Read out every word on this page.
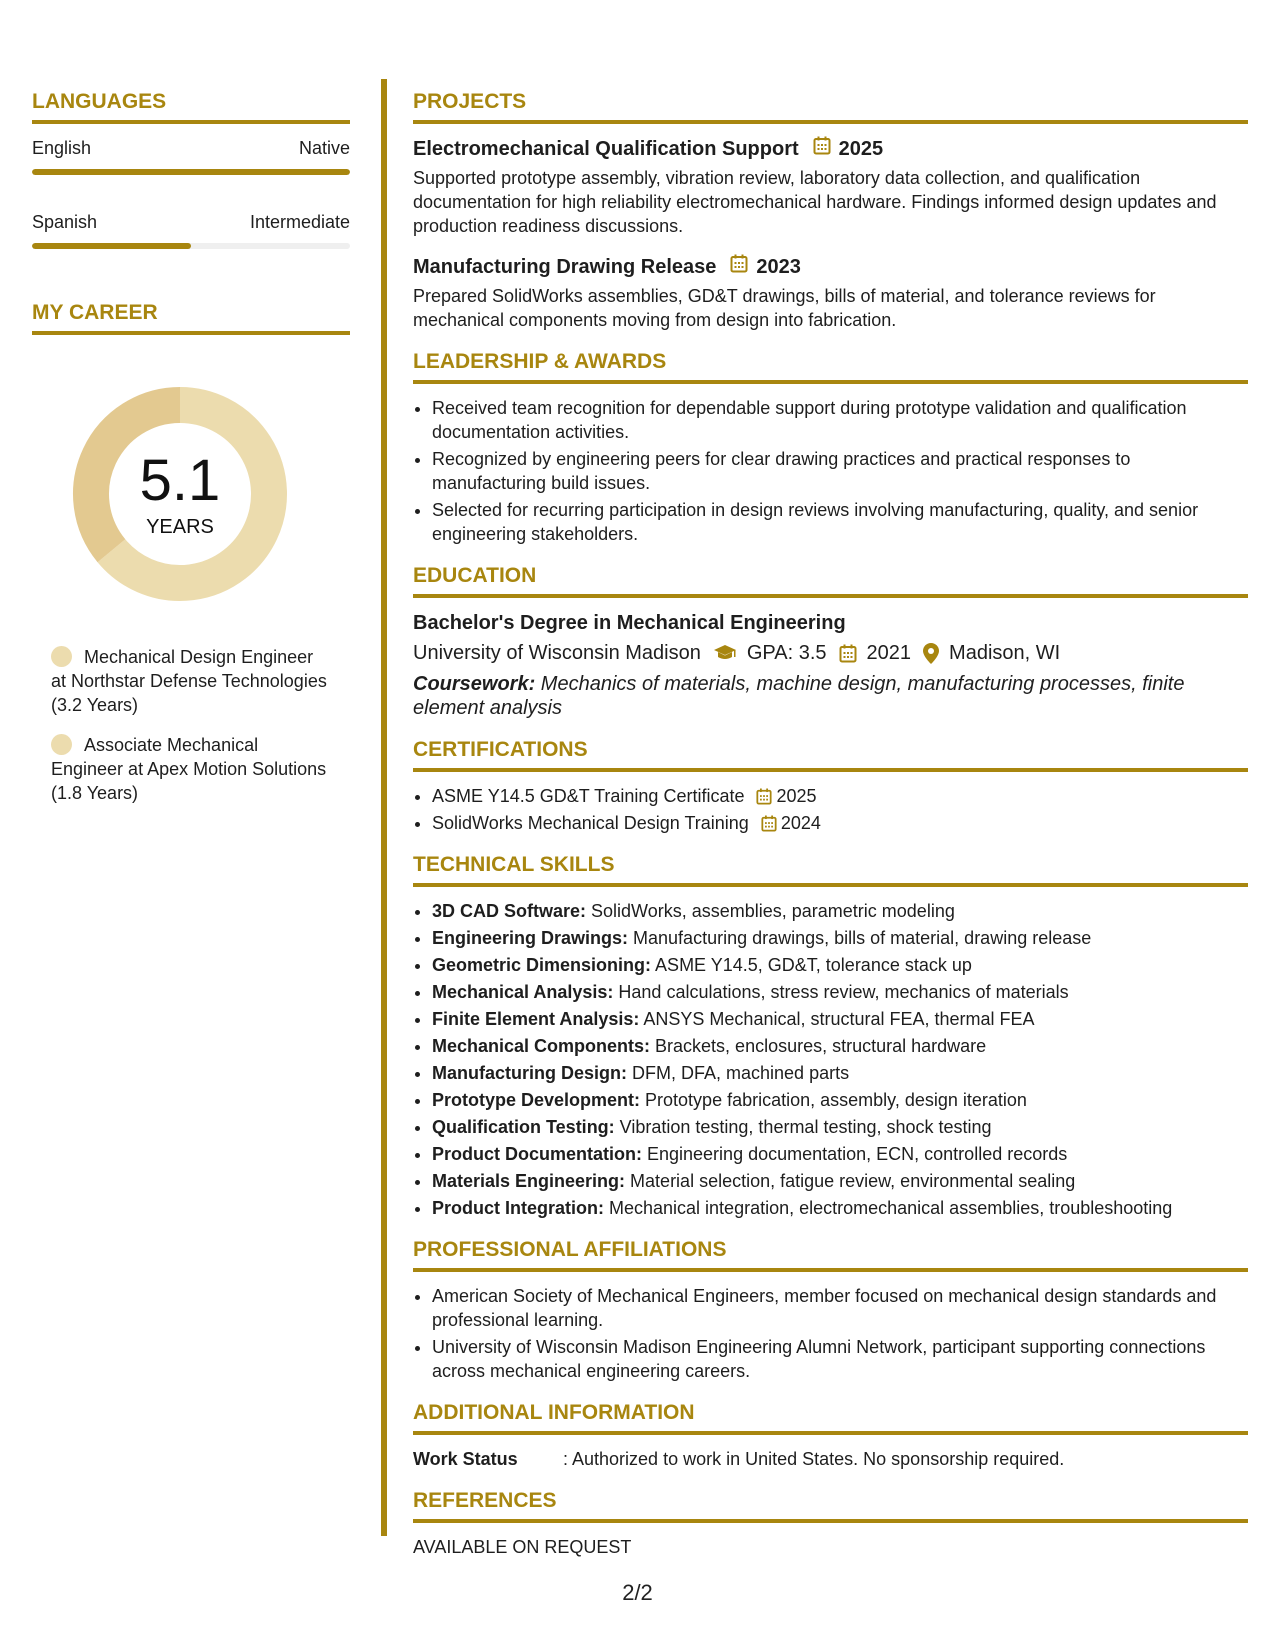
LANGUAGES
English	Native
Spanish	Intermediate
MY CAREER
5.1
YEARS
Mechanical Design Engineer at Northstar Defense Technologies (3.2 Years)
Associate Mechanical Engineer at Apex Motion Solutions (1.8 Years)
PROJECTS
Electromechanical Qualification Support 2025

Supported prototype assembly, vibration review, laboratory data collection, and qualification documentation for high reliability electromechanical hardware. Findings informed design updates and production readiness discussions.

Manufacturing Drawing Release 2023

Prepared SolidWorks assemblies, GD&T drawings, bills of material, and tolerance reviews for mechanical components moving from design into fabrication.

LEADERSHIP & AWARDS
• Received team recognition for dependable support during prototype validation and qualification documentation activities.
• Recognized by engineering peers for clear drawing practices and practical responses to manufacturing build issues.
• Selected for recurring participation in design reviews involving manufacturing, quality, and senior engineering stakeholders.
EDUCATION
Bachelor's Degree in Mechanical Engineering
University of Wisconsin Madison GPA: 3.5 2021 Madison, WI
Coursework: Mechanics of materials, machine design, manufacturing processes, finite element analysis
CERTIFICATIONS
• ASME Y14.5 GD&T Training Certificate 2025
• SolidWorks Mechanical Design Training 2024
TECHNICAL SKILLS
• 3D CAD Software: SolidWorks, assemblies, parametric modeling
• Engineering Drawings: Manufacturing drawings, bills of material, drawing release
• Geometric Dimensioning: ASME Y14.5, GD&T, tolerance stack up
• Mechanical Analysis: Hand calculations, stress review, mechanics of materials
• Finite Element Analysis: ANSYS Mechanical, structural FEA, thermal FEA
• Mechanical Components: Brackets, enclosures, structural hardware
• Manufacturing Design: DFM, DFA, machined parts
• Prototype Development: Prototype fabrication, assembly, design iteration
• Qualification Testing: Vibration testing, thermal testing, shock testing
• Product Documentation: Engineering documentation, ECN, controlled records
• Materials Engineering: Material selection, fatigue review, environmental sealing
• Product Integration: Mechanical integration, electromechanical assemblies, troubleshooting
PROFESSIONAL AFFILIATIONS
• American Society of Mechanical Engineers, member focused on mechanical design standards and professional learning.
• University of Wisconsin Madison Engineering Alumni Network, participant supporting connections across mechanical engineering careers.
ADDITIONAL INFORMATION
Work Status	: Authorized to work in United States. No sponsorship required.
REFERENCES
AVAILABLE ON REQUEST
2/2
